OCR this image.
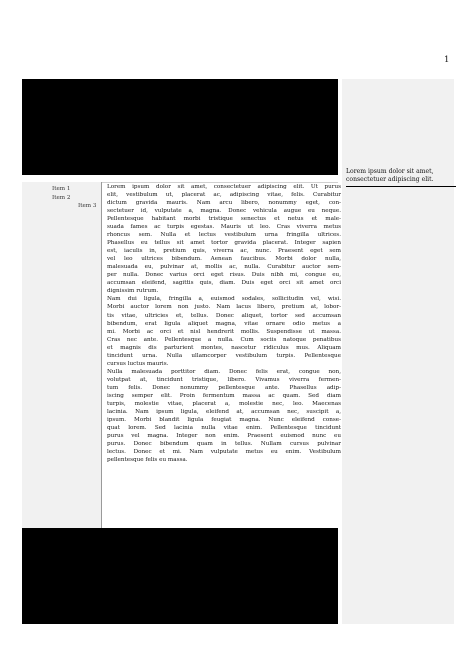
1
Lorem ipsum dolor sit amet,
consectetuer adipiscing elit.
Item 1
Item 2
Item 3

Lorem ipsum dolor sit amet, consectetuer adipiscing elit. Ut purus
elit, vestibulum ut, placerat ac, adipiscing vitae, felis. Curabitur
dictum gravida mauris. Nam arcu libero, nonummy eget, con-
sectetuer id, vulputate a, magna. Donec vehicula augue eu neque.
Pellentesque habitant morbi tristique senectus et netus et male-
suada fames ac turpis egestas. Mauris ut leo. Cras viverra metus
rhoncus sem. Nulla et lectus vestibulum urna fringilla ultrices.
Phasellus eu tellus sit amet tortor gravida placerat. Integer sapien
est, iaculis in, pretium quis, viverra ac, nunc. Praesent eget sem
vel leo ultrices bibendum. Aenean faucibus. Morbi dolor nulla,
malesuada eu, pulvinar at, mollis ac, nulla. Curabitur auctor sem-
per nulla. Donec varius orci eget risus. Duis nibh mi, congue eu,
accumsan eleifend, sagittis quis, diam. Duis eget orci sit amet orci
dignissim rutrum.

Nam dui ligula, fringilla a, euismod sodales, sollicitudin vel, wisi.
Morbi auctor lorem non justo. Nam lacus libero, pretium at, lobor-
tis vitae, ultricies et, tellus. Donec aliquet, tortor sed accumsan
bibendum, erat ligula aliquet magna, vitae ornare odio metus a
mi. Morbi ac orci et nisl hendrerit mollis. Suspendisse ut massa.
Cras nec ante. Pellentesque a nulla. Cum sociis natoque penatibus
et magnis dis parturient montes, nascetur ridiculus mus. Aliquam
tincidunt urna. Nulla ullamcorper vestibulum turpis. Pellentesque
cursus luctus mauris.

Nulla malesuada porttitor diam. Donec felis erat, congue non,
volutpat at, tincidunt tristique, libero. Vivamus viverra fermen-
tum felis. Donec nonummy pellentesque ante. Phasellus adip-
iscing semper elit. Proin fermentum massa ac quam. Sed diam
turpis, molestie vitae, placerat a, molestie nec, leo. Maecenas
lacinia. Nam ipsum ligula, eleifend at, accumsan nec, suscipit a,
ipsum. Morbi blandit ligula feugiat magna. Nunc eleifend conse-
quat lorem. Sed lacinia nulla vitae enim. Pellentesque tincidunt
purus vel magna. Integer non enim. Praesent euismod nunc eu
purus. Donec bibendum quam in tellus. Nullam cursus pulvinar
lectus. Donec et mi. Nam vulputate metus eu enim. Vestibulum
pellentesque felis eu massa.
